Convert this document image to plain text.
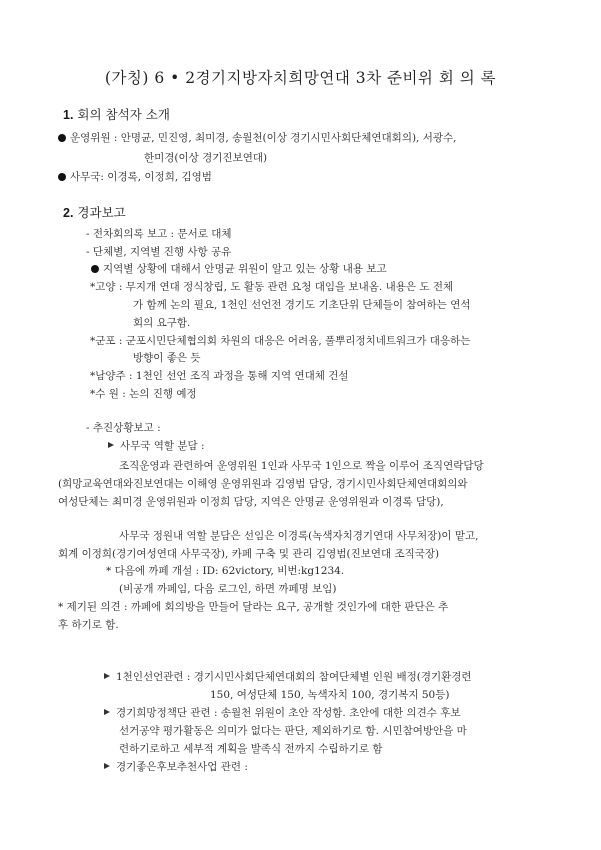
(가칭) 6 • 2경기지방자치희망연대 3차 준비위 회 의 록
1. 회의 참석자 소개
운영위원 : 안명균, 민진영, 최미경, 송월천(이상 경기시민사회단체연대회의), 서광수,
한미경(이상 경기진보연대)
사무국: 이경록, 이정희, 김영범
2. 경과보고
- 전차회의록 보고 : 문서로 대체
- 단체별, 지역별 진행 사항 공유
지역별 상황에 대해서 안명균 위원이 알고 있는 상황 내용 보고
*고양 : 무지개 연대 정식창립, 도 활동 관련 요청 대임을 보내옴. 내용은 도 전체
가 함께 논의 필요, 1천인 선언전 경기도 기초단위 단체들이 참여하는 연석
회의 요구함.
*군포 : 군포시민단체협의회 차원의 대응은 어려움, 풀뿌리정치네트워크가 대응하는
방향이 좋은 듯
*남양주 : 1천인 선언 조직 과정을 통해 지역 연대체 건설
*수 원 : 논의 진행 예정
- 추진상황보고 :
사무국 역할 분담 :
조직운영과 관련하여 운영위원 1인과 사무국 1인으로 짝을 이루어 조직연락담당
(희망교육연대와진보연대는 이해영 운영위원과 김영범 담당, 경기시민사회단체연대회의와
여성단체는 최미경 운영위원과 이정희 담당, 지역은 안명균 운영위원과 이경록 담당),
사무국 정원내 역할 분담은 선임은 이경록(녹색자치경기연대 사무처장)이 맡고,
회계 이정희(경기여성연대 사무국장), 카페 구축 및 관리 김영범(진보연대 조직국장)
* 다음에 까페 개설 : ID: 62victory, 비번:kg1234.
(비공개 까페임, 다음 로그인, 하면 까페명 보임)
* 제기된 의견 : 까페에 회의방을 만들어 달라는 요구, 공개할 것인가에 대한 판단은 추
후 하기로 함.
1천인선언관련 : 경기시민사회단체연대회의 참여단체별 인원 배정(경기환경련
150, 여성단체 150, 녹색자치 100, 경기복지 50등)
경기희망정책단 관련 : 송월천 위원이 초안 작성함. 초안에 대한 의견수 후보
선거공약 평가활동은 의미가 없다는 판단, 제외하기로 함. 시민참여방안을 마
련하기로하고 세부적 계획을 발족식 전까지 수립하기로 함
경기좋은후보추천사업 관련 :
